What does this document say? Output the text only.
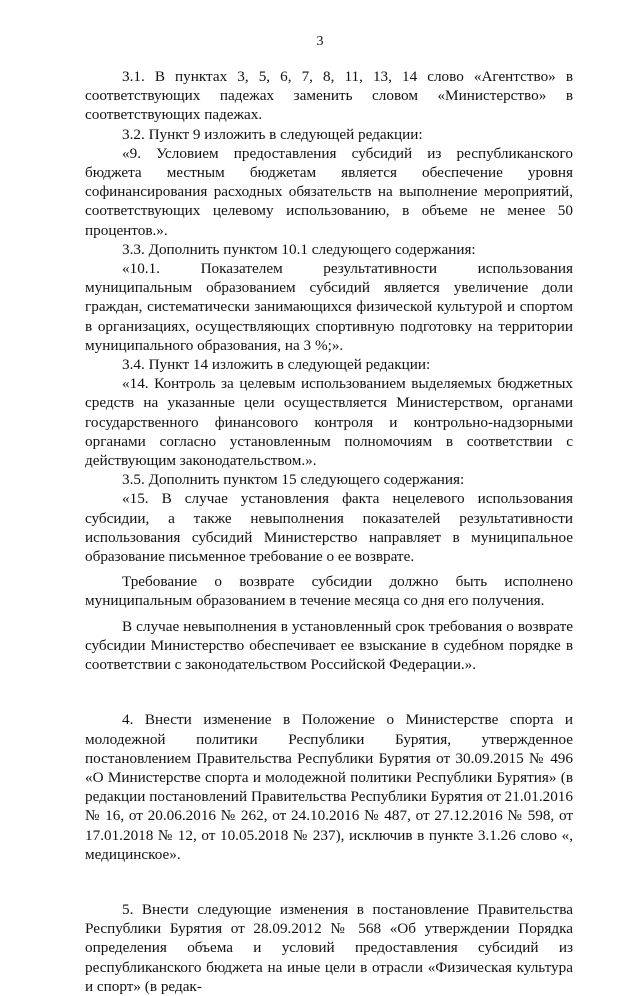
3

3.1. В пунктах 3, 5, 6, 7, 8, 11, 13, 14 слово «Агентство» в соответствующих падежах заменить словом «Министерство» в соответствующих падежах.

3.2. Пункт 9 изложить в следующей редакции:

«9. Условием предоставления субсидий из республиканского бюджета местным бюджетам является обеспечение уровня софинансирования расходных обязательств на выполнение мероприятий, соответствующих целевому использованию, в объеме не менее 50 процентов.».

3.3. Дополнить пунктом 10.1 следующего содержания:

«10.1. Показателем результативности использования муниципальным образованием субсидий является увеличение доли граждан, систематически занимающихся физической культурой и спортом в организациях, осуществляющих спортивную подготовку на территории муниципального образования, на 3 %;».

3.4. Пункт 14 изложить в следующей редакции:

«14. Контроль за целевым использованием выделяемых бюджетных средств на указанные цели осуществляется Министерством, органами государственного финансового контроля и контрольно-надзорными органами согласно установленным полномочиям в соответствии с действующим законодательством.».

3.5. Дополнить пунктом 15 следующего содержания:

«15. В случае установления факта нецелевого использования субсидии, а также невыполнения показателей результативности использования субсидий Министерство направляет в муниципальное образование письменное требование о ее возврате.

Требование о возврате субсидии должно быть исполнено муниципальным образованием в течение месяца со дня его получения.

В случае невыполнения в установленный срок требования о возврате субсидии Министерство обеспечивает ее взыскание в судебном порядке в соответствии с законодательством Российской Федерации.».

4. Внести изменение в Положение о Министерстве спорта и молодежной политики Республики Бурятия, утвержденное постановлением Правительства Республики Бурятия от 30.09.2015 № 496 «О Министерстве спорта и молодежной политики Республики Бурятия» (в редакции постановлений Правительства Республики Бурятия от 21.01.2016 № 16, от 20.06.2016 № 262, от 24.10.2016 № 487, от 27.12.2016 № 598, от 17.01.2018 № 12, от 10.05.2018 № 237), исключив в пункте 3.1.26 слово «, медицинское».

5. Внести следующие изменения в постановление Правительства Республики Бурятия от 28.09.2012 № 568 «Об утверждении Порядка определения объема и условий предоставления субсидий из республиканского бюджета на иные цели в отрасли «Физическая культура и спорт» (в редак-
